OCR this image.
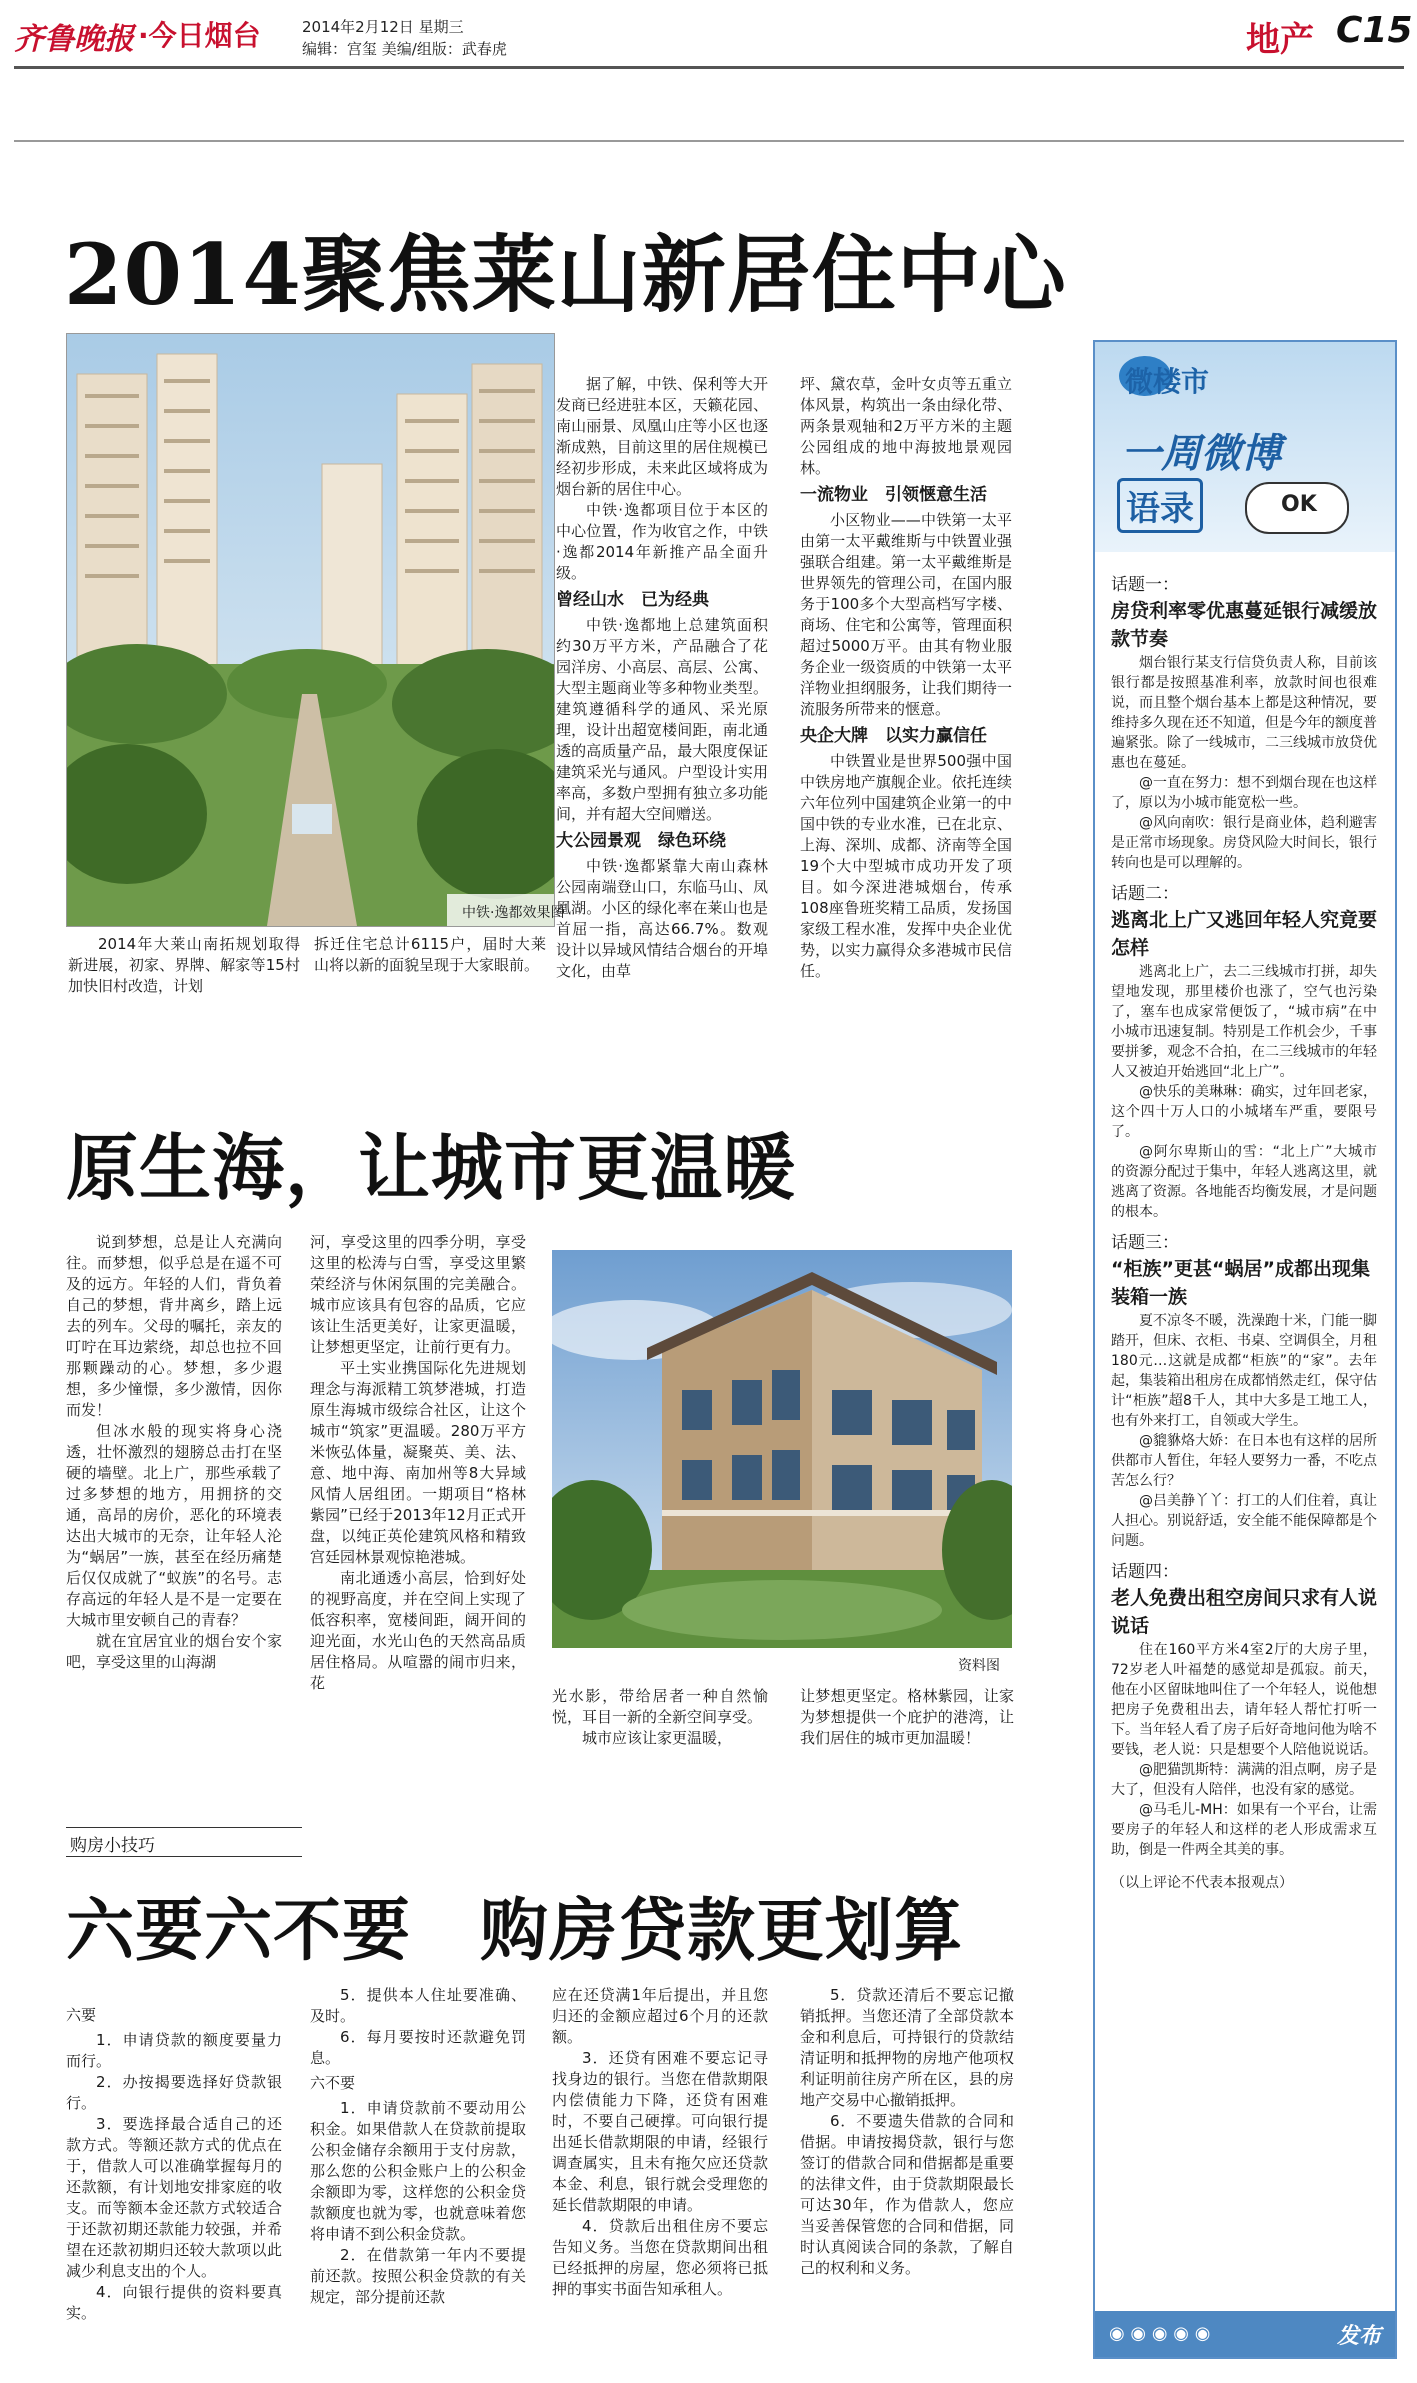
齐鲁晚报 ·今日烟台	2014年2月12日 星期三
编辑：宫玺 美编/组版：武春虎	地产 C15
2014聚焦莱山新居住中心
中铁·逸都效果图

2014年大莱山南拓规划取得新进展，初家、界牌、解家等15村加快旧村改造，计划

拆迁住宅总计6115户，届时大莱山将以新的面貌呈现于大家眼前。

据了解，中铁、保利等大开发商已经进驻本区，天籁花园、南山丽景、凤凰山庄等小区也逐渐成熟，目前这里的居住规模已经初步形成，未来此区域将成为烟台新的居住中心。

中铁·逸都项目位于本区的中心位置，作为收官之作，中铁·逸都2014年新推产品全面升级。

曾经山水　已为经典

中铁·逸都地上总建筑面积约30万平方米，产品融合了花园洋房、小高层、高层、公寓、大型主题商业等多种物业类型。建筑遵循科学的通风、采光原理，设计出超宽楼间距，南北通透的高质量产品，最大限度保证建筑采光与通风。户型设计实用率高，多数户型拥有独立多功能间，并有超大空间赠送。

大公园景观　绿色环绕

中铁·逸都紧靠大南山森林公园南端登山口，东临马山、凤凰湖。小区的绿化率在莱山也是首屈一指，高达66.7%。数观设计以异域风情结合烟台的开埠文化，由草

坪、黛农草，金叶女贞等五重立体风景，构筑出一条由绿化带、两条景观轴和2万平方米的主题公园组成的地中海披地景观园林。

一流物业　引领惬意生活

小区物业——中铁第一太平由第一太平戴维斯与中铁置业强强联合组建。第一太平戴维斯是世界领先的管理公司，在国内服务于100多个大型高档写字楼、商场、住宅和公寓等，管理面积超过5000万平。由其有物业服务企业一级资质的中铁第一太平洋物业担纲服务，让我们期待一流服务所带来的惬意。

央企大牌　以实力赢信任

中铁置业是世界500强中国中铁房地产旗舰企业。依托连续六年位列中国建筑企业第一的中国中铁的专业水准，已在北京、上海、深圳、成都、济南等全国19个大中型城市成功开发了项目。如今深进港城烟台，传承108座鲁班奖精工品质，发扬国家级工程水准，发挥中央企业优势，以实力赢得众多港城市民信任。

原生海，让城市更温暖

说到梦想，总是让人充满向往。而梦想，似乎总是在遥不可及的远方。年轻的人们，背负着自己的梦想，背井离乡，踏上远去的列车。父母的嘱托，亲友的叮咛在耳边萦绕，却总也拉不回那颗躁动的心。梦想，多少遐想，多少憧憬，多少激情，因你而发！

但冰水般的现实将身心浇透，壮怀激烈的翅膀总击打在坚硬的墙壁。北上广，那些承载了过多梦想的地方，用拥挤的交通，高昂的房价，恶化的环境表达出大城市的无奈，让年轻人沦为“蜗居”一族，甚至在经历痛楚后仅仅成就了“蚁族”的名号。志存高远的年轻人是不是一定要在大城市里安顿自己的青春？

就在宜居宜业的烟台安个家吧，享受这里的山海湖

河，享受这里的四季分明，享受这里的松涛与白雪，享受这里繁荣经济与休闲氛围的完美融合。城市应该具有包容的品质，它应该让生活更美好，让家更温暖，让梦想更坚定，让前行更有力。

平土实业携国际化先进规划理念与海派精工筑梦港城，打造原生海城市级综合社区，让这个城市“筑家”更温暖。280万平方米恢弘体量，凝聚英、美、法、意、地中海、南加州等8大异域风情人居组团。一期项目“格林紫园”已经于2013年12月正式开盘，以纯正英伦建筑风格和精致宫廷园林景观惊艳港城。

南北通透小高层，恰到好处的视野高度，并在空间上实现了低容积率，宽楼间距，阔开间的迎光面，水光山色的天然高品质居住格局。从喧嚣的闹市归来，花

资料图

光水影，带给居者一种自然愉悦，耳目一新的全新空间享受。

城市应该让家更温暖，

让梦想更坚定。格林紫园，让家为梦想提供一个庇护的港湾，让我们居住的城市更加温暖！

购房小技巧
六要六不要　购房贷款更划算
六要

1．申请贷款的额度要量力而行。

2．办按揭要选择好贷款银行。

3．要选择最合适自己的还款方式。等额还款方式的优点在于，借款人可以准确掌握每月的还款额，有计划地安排家庭的收支。而等额本金还款方式较适合于还款初期还款能力较强，并希望在还款初期归还较大款项以此减少利息支出的个人。

4．向银行提供的资料要真实。

5．提供本人住址要准确、及时。

6．每月要按时还款避免罚息。

六不要

1．申请贷款前不要动用公积金。如果借款人在贷款前提取公积金储存余额用于支付房款，那么您的公积金账户上的公积金余额即为零，这样您的公积金贷款额度也就为零，也就意味着您将申请不到公积金贷款。

2．在借款第一年内不要提前还款。按照公积金贷款的有关规定，部分提前还款

应在还贷满1年后提出，并且您归还的金额应超过6个月的还款额。

3．还贷有困难不要忘记寻找身边的银行。当您在借款期限内偿债能力下降，还贷有困难时，不要自己硬撑。可向银行提出延长借款期限的申请，经银行调查属实，且未有拖欠应还贷款本金、利息，银行就会受理您的延长借款期限的申请。

4．贷款后出租住房不要忘告知义务。当您在贷款期间出租已经抵押的房屋，您必须将已抵押的事实书面告知承租人。

5．贷款还清后不要忘记撤销抵押。当您还清了全部贷款本金和利息后，可持银行的贷款结清证明和抵押物的房地产他项权利证明前往房产所在区，县的房地产交易中心撤销抵押。

6．不要遗失借款的合同和借据。申请按揭贷款，银行与您签订的借款合同和借据都是重要的法律文件，由于贷款期限最长可达30年，作为借款人，您应当妥善保管您的合同和借据，同时认真阅读合同的条款，了解自己的权利和义务。

微楼市
一周微博
语录	OK
话题一：
房贷利率零优惠蔓延银行减缓放款节奏

烟台银行某支行信贷负责人称，目前该银行都是按照基准利率，放款时间也很难说，而且整个烟台基本上都是这种情况，要维持多久现在还不知道，但是今年的额度普遍紧张。除了一线城市，二三线城市放贷优惠也在蔓延。

@一直在努力：想不到烟台现在也这样了，原以为小城市能宽松一些。

@风向南吹：银行是商业体，趋利避害是正常市场现象。房贷风险大时间长，银行转向也是可以理解的。

话题二：
逃离北上广又逃回年轻人究竟要怎样

逃离北上广，去二三线城市打拼，却失望地发现，那里楼价也涨了，空气也污染了，塞车也成家常便饭了，“城市病”在中小城市迅速复制。特别是工作机会少，千事要拼爹，观念不合拍，在二三线城市的年轻人又被迫开始逃回“北上广”。

@快乐的美琳琳：确实，过年回老家，这个四十万人口的小城堵车严重，要限号了。

@阿尔卑斯山的雪：“北上广”大城市的资源分配过于集中，年轻人逃离这里，就逃离了资源。各地能否均衡发展，才是问题的根本。

话题三：
“柜族”更甚“蜗居”成都出现集装箱一族

夏不凉冬不暖，洗澡跑十米，门能一脚踏开，但床、衣柜、书桌、空调俱全，月租180元…这就是成都“柜族”的“家”。去年起，集装箱出租房在成都悄然走红，保守估计“柜族”超8千人，其中大多是工地工人，也有外来打工，自领或大学生。

@貔貅烙大娇：在日本也有这样的居所供都市人暂住，年轻人要努力一番，不吃点苦怎么行？

@吕美静丫丫：打工的人们住着，真让人担心。别说舒适，安全能不能保障都是个问题。

话题四：
老人免费出租空房间只求有人说说话

住在160平方米4室2厅的大房子里，72岁老人叶福楚的感觉却是孤寂。前天，他在小区留昧地叫住了一个年轻人，说他想把房子免费租出去，请年轻人帮忙打听一下。当年轻人看了房子后好奇地问他为啥不要钱，老人说：只是想要个人陪他说说话。

@肥猫凯斯特：满满的泪点啊，房子是大了，但没有人陪伴，也没有家的感觉。

@马毛儿-MH：如果有一个平台，让需要房子的年轻人和这样的老人形成需求互助，倒是一件两全其美的事。

（以上评论不代表本报观点）
◉ ◉ ◉ ◉ ◉	发布
